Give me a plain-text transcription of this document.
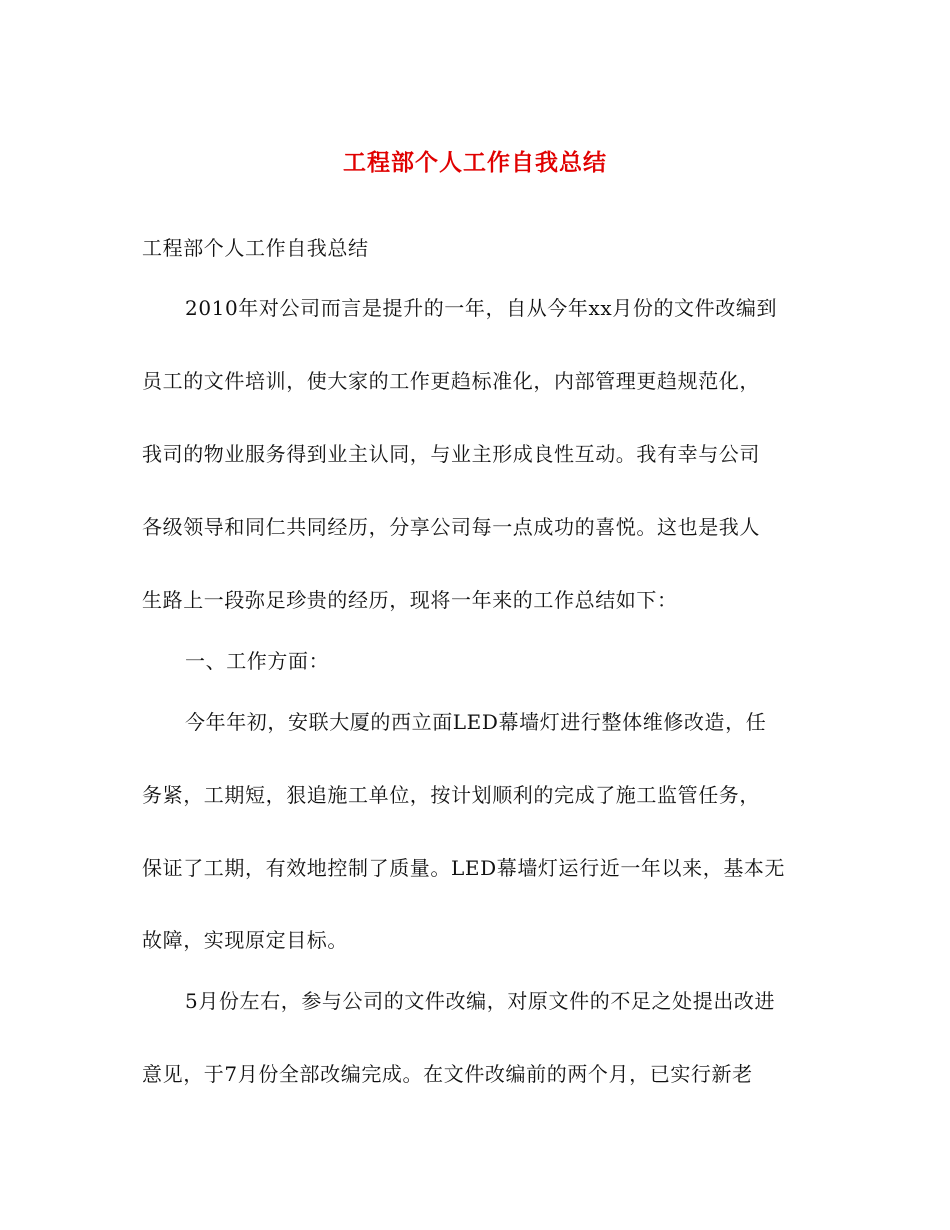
工程部个人工作自我总结
工程部个人工作自我总结
2010年对公司而言是提升的一年，自从今年xx月份的文件改编到
员工的文件培训，使大家的工作更趋标准化，内部管理更趋规范化，
我司的物业服务得到业主认同，与业主形成良性互动。我有幸与公司
各级领导和同仁共同经历，分享公司每一点成功的喜悦。这也是我人
生路上一段弥足珍贵的经历，现将一年来的工作总结如下：
一、工作方面：
今年年初，安联大厦的西立面LED幕墙灯进行整体维修改造，任
务紧，工期短，狠追施工单位，按计划顺利的完成了施工监管任务，
保证了工期，有效地控制了质量。LED幕墙灯运行近一年以来，基本无
故障，实现原定目标。
5月份左右，参与公司的文件改编，对原文件的不足之处提出改进
意见，于7月份全部改编完成。在文件改编前的两个月，已实行新老
